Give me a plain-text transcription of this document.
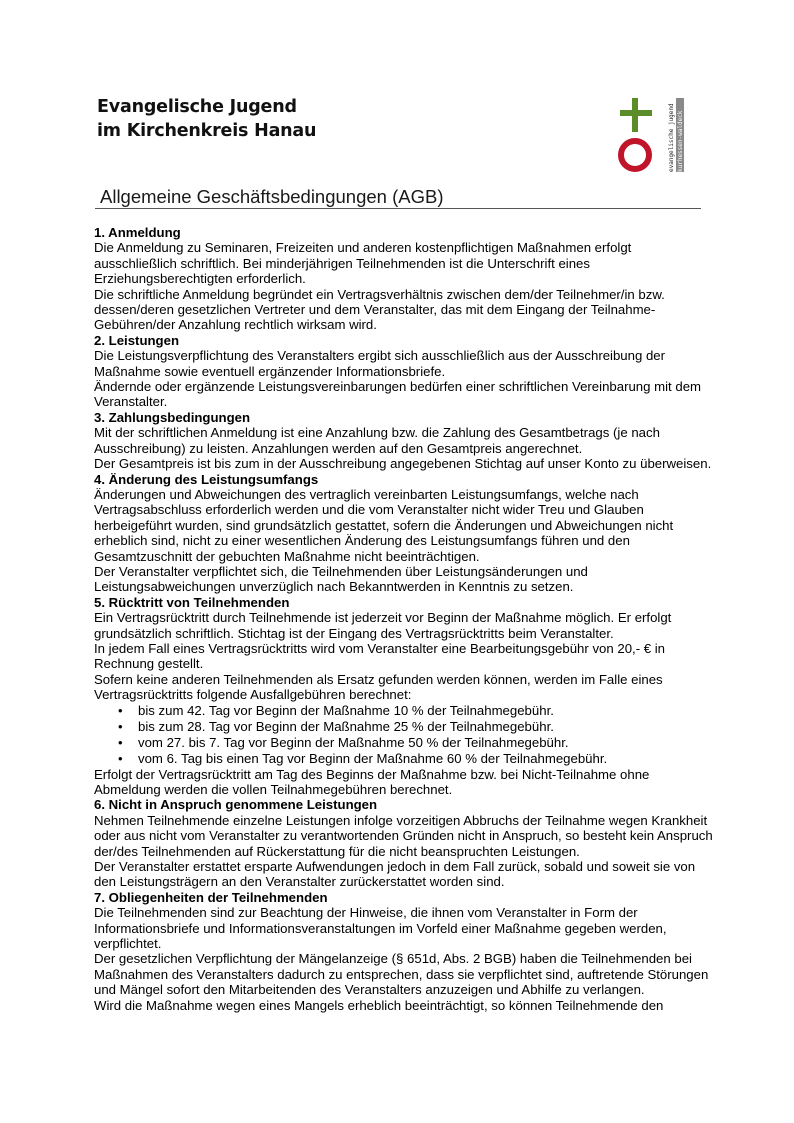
Evangelische Jugend
im Kirchenkreis Hanau	evangelische jugend kurhessen-waldeck
Allgemeine Geschäftsbedingungen (AGB)
1. Anmeldung

Die Anmeldung zu Seminaren, Freizeiten und anderen kostenpflichtigen Maßnahmen erfolgt ausschließlich schriftlich. Bei minderjährigen Teilnehmenden ist die Unterschrift eines Erziehungsberechtigten erforderlich.

Die schriftliche Anmeldung begründet ein Vertragsverhältnis zwischen dem/der Teilnehmer/in bzw. dessen/deren gesetzlichen Vertreter und dem Veranstalter, das mit dem Eingang der Teilnahme-Gebühren/der Anzahlung rechtlich wirksam wird.

2. Leistungen

Die Leistungsverpflichtung des Veranstalters ergibt sich ausschließlich aus der Ausschreibung der Maßnahme sowie eventuell ergänzender Informationsbriefe.

Ändernde oder ergänzende Leistungsvereinbarungen bedürfen einer schriftlichen Vereinbarung mit dem Veranstalter.

3. Zahlungsbedingungen

Mit der schriftlichen Anmeldung ist eine Anzahlung bzw. die Zahlung des Gesamtbetrags (je nach Ausschreibung) zu leisten. Anzahlungen werden auf den Gesamtpreis angerechnet.

Der Gesamtpreis ist bis zum in der Ausschreibung angegebenen Stichtag auf unser Konto zu überweisen.

4. Änderung des Leistungsumfangs

Änderungen und Abweichungen des vertraglich vereinbarten Leistungsumfangs, welche nach Vertragsabschluss erforderlich werden und die vom Veranstalter nicht wider Treu und Glauben herbeigeführt wurden, sind grundsätzlich gestattet, sofern die Änderungen und Abweichungen nicht erheblich sind, nicht zu einer wesentlichen Änderung des Leistungsumfangs führen und den Gesamtzuschnitt der gebuchten Maßnahme nicht beeinträchtigen.

Der Veranstalter verpflichtet sich, die Teilnehmenden über Leistungsänderungen und Leistungsabweichungen unverzüglich nach Bekanntwerden in Kenntnis zu setzen.

5. Rücktritt von Teilnehmenden

Ein Vertragsrücktritt durch Teilnehmende ist jederzeit vor Beginn der Maßnahme möglich. Er erfolgt grundsätzlich schriftlich. Stichtag ist der Eingang des Vertragsrücktritts beim Veranstalter.

In jedem Fall eines Vertragsrücktritts wird vom Veranstalter eine Bearbeitungsgebühr von 20,- € in Rechnung gestellt.

Sofern keine anderen Teilnehmenden als Ersatz gefunden werden können, werden im Falle eines Vertragsrücktritts folgende Ausfallgebühren berechnet:

• bis zum 42. Tag vor Beginn der Maßnahme 10 % der Teilnahmegebühr.
• bis zum 28. Tag vor Beginn der Maßnahme 25 % der Teilnahmegebühr.
• vom 27. bis 7. Tag vor Beginn der Maßnahme 50 % der Teilnahmegebühr.
• vom 6. Tag bis einen Tag vor Beginn der Maßnahme 60 % der Teilnahmegebühr.

Erfolgt der Vertragsrücktritt am Tag des Beginns der Maßnahme bzw. bei Nicht-Teilnahme ohne Abmeldung werden die vollen Teilnahmegebühren berechnet.

6. Nicht in Anspruch genommene Leistungen

Nehmen Teilnehmende einzelne Leistungen infolge vorzeitigen Abbruchs der Teilnahme wegen Krankheit oder aus nicht vom Veranstalter zu verantwortenden Gründen nicht in Anspruch, so besteht kein Anspruch der/des Teilnehmenden auf Rückerstattung für die nicht beanspruchten Leistungen.

Der Veranstalter erstattet ersparte Aufwendungen jedoch in dem Fall zurück, sobald und soweit sie von den Leistungsträgern an den Veranstalter zurückerstattet worden sind.

7. Obliegenheiten der Teilnehmenden

Die Teilnehmenden sind zur Beachtung der Hinweise, die ihnen vom Veranstalter in Form der Informationsbriefe und Informationsveranstaltungen im Vorfeld einer Maßnahme gegeben werden, verpflichtet.

Der gesetzlichen Verpflichtung der Mängelanzeige (§ 651d, Abs. 2 BGB) haben die Teilnehmenden bei Maßnahmen des Veranstalters dadurch zu entsprechen, dass sie verpflichtet sind, auftretende Störungen und Mängel sofort den Mitarbeitenden des Veranstalters anzuzeigen und Abhilfe zu verlangen.

Wird die Maßnahme wegen eines Mangels erheblich beeinträchtigt, so können Teilnehmende den
